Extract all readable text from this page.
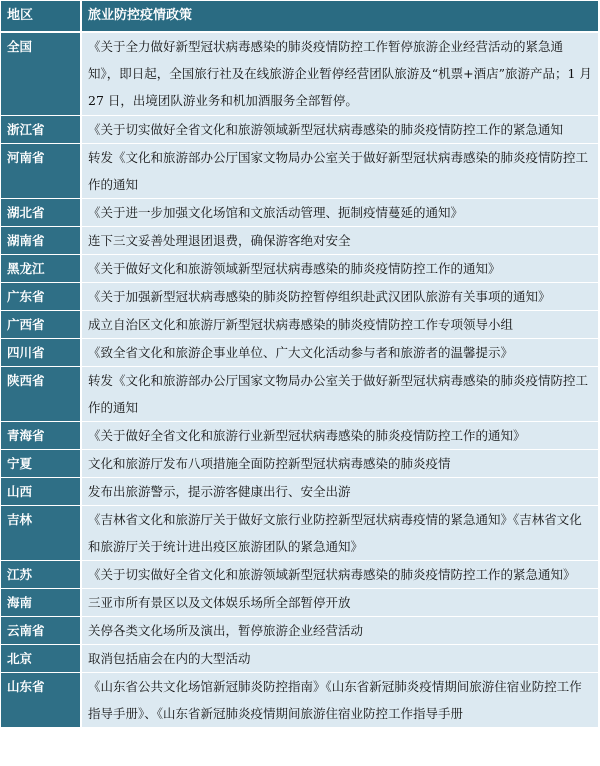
地区	旅业防控疫情政策
全国	《关于全力做好新型冠状病毒感染的肺炎疫情防控工作暂停旅游企业经营活动的紧急通知》，即日起，全国旅行社及在线旅游企业暂停经营团队旅游及“机票+酒店”旅游产品；1 月 27 日，出境团队游业务和机加酒服务全部暂停。
浙江省	《关于切实做好全省文化和旅游领域新型冠状病毒感染的肺炎疫情防控工作的紧急通知
河南省	转发《文化和旅游部办公厅国家文物局办公室关于做好新型冠状病毒感染的肺炎疫情防控工作的通知
湖北省	《关于进一步加强文化场馆和文旅活动管理、扼制疫情蔓延的通知》
湖南省	连下三文妥善处理退团退费，确保游客绝对安全
黑龙江	《关于做好文化和旅游领域新型冠状病毒感染的肺炎疫情防控工作的通知》
广东省	《关于加强新型冠状病毒感染的肺炎防控暂停组织赴武汉团队旅游有关事项的通知》
广西省	成立自治区文化和旅游厅新型冠状病毒感染的肺炎疫情防控工作专项领导小组
四川省	《致全省文化和旅游企事业单位、广大文化活动参与者和旅游者的温馨提示》
陕西省	转发《文化和旅游部办公厅国家文物局办公室关于做好新型冠状病毒感染的肺炎疫情防控工作的通知
青海省	《关于做好全省文化和旅游行业新型冠状病毒感染的肺炎疫情防控工作的通知》
宁夏	文化和旅游厅发布八项措施全面防控新型冠状病毒感染的肺炎疫情
山西	发布出旅游警示，提示游客健康出行、安全出游
吉林	《吉林省文化和旅游厅关于做好文旅行业防控新型冠状病毒疫情的紧急通知》《吉林省文化和旅游厅关于统计进出疫区旅游团队的紧急通知》
江苏	《关于切实做好全省文化和旅游领域新型冠状病毒感染的肺炎疫情防控工作的紧急通知》
海南	三亚市所有景区以及文体娱乐场所全部暂停开放
云南省	关停各类文化场所及演出，暂停旅游企业经营活动
北京	取消包括庙会在内的大型活动
山东省	《山东省公共文化场馆新冠肺炎防控指南》《山东省新冠肺炎疫情期间旅游住宿业防控工作指导手册》、《山东省新冠肺炎疫情期间旅游住宿业防控工作指导手册
